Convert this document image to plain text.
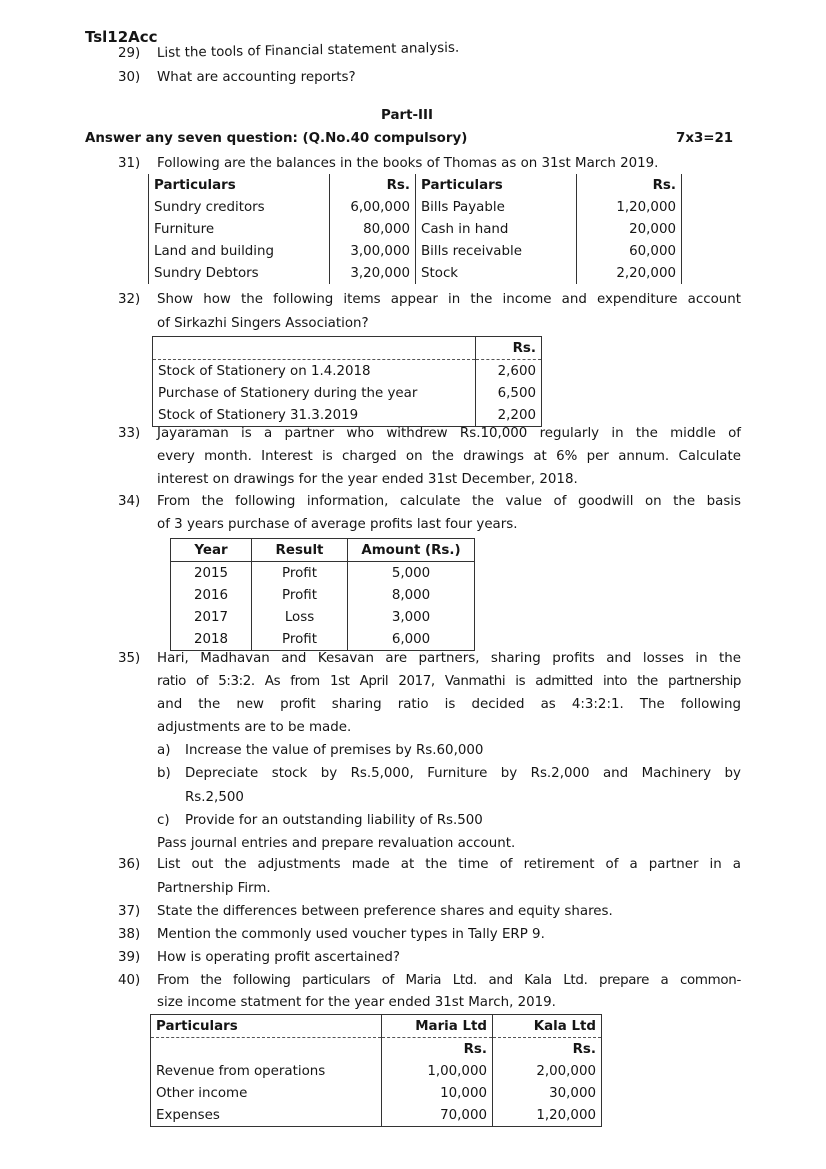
Tsl12Acc
29) List the tools of Financial statement analysis.
30) What are accounting reports?
Part-III
Answer any seven question: (Q.No.40 compulsory)	7x3=21
31) Following are the balances in the books of Thomas as on 31st March 2019.
Particulars	Rs.	Particulars	Rs.
Sundry creditors	6,00,000	Bills Payable	1,20,000
Furniture	80,000	Cash in hand	20,000
Land and building	3,00,000	Bills receivable	60,000
Sundry Debtors	3,20,000	Stock	2,20,000
32) Show how the following items appear in the income and expenditure account
of Sirkazhi Singers Association?
	Rs.
Stock of Stationery on 1.4.2018	2,600
Purchase of Stationery during the year	6,500
Stock of Stationery 31.3.2019	2,200
33) Jayaraman is a partner who withdrew Rs.10,000 regularly in the middle of
every month. Interest is charged on the drawings at 6% per annum. Calculate
interest on drawings for the year ended 31st December, 2018.
34) From the following information, calculate the value of goodwill on the basis
of 3 years purchase of average profits last four years.
Year	Result	Amount (Rs.)
2015	Profit	5,000
2016	Profit	8,000
2017	Loss	3,000
2018	Profit	6,000
35) Hari, Madhavan and Kesavan are partners, sharing profits and losses in the
ratio of 5:3:2. As from 1st April 2017, Vanmathi is admitted into the partnership
and the new profit sharing ratio is decided as 4:3:2:1. The following
adjustments are to be made.
a) Increase the value of premises by Rs.60,000
b) Depreciate stock by Rs.5,000, Furniture by Rs.2,000 and Machinery by
Rs.2,500
c) Provide for an outstanding liability of Rs.500
Pass journal entries and prepare revaluation account.
36) List out the adjustments made at the time of retirement of a partner in a
Partnership Firm.
37) State the differences between preference shares and equity shares.
38) Mention the commonly used voucher types in Tally ERP 9.
39) How is operating profit ascertained?
40) From the following particulars of Maria Ltd. and Kala Ltd. prepare a common-
size income statment for the year ended 31st March, 2019.
Particulars	Maria Ltd	Kala Ltd
	Rs.	Rs.
Revenue from operations	1,00,000	2,00,000
Other income	10,000	30,000
Expenses	70,000	1,20,000
